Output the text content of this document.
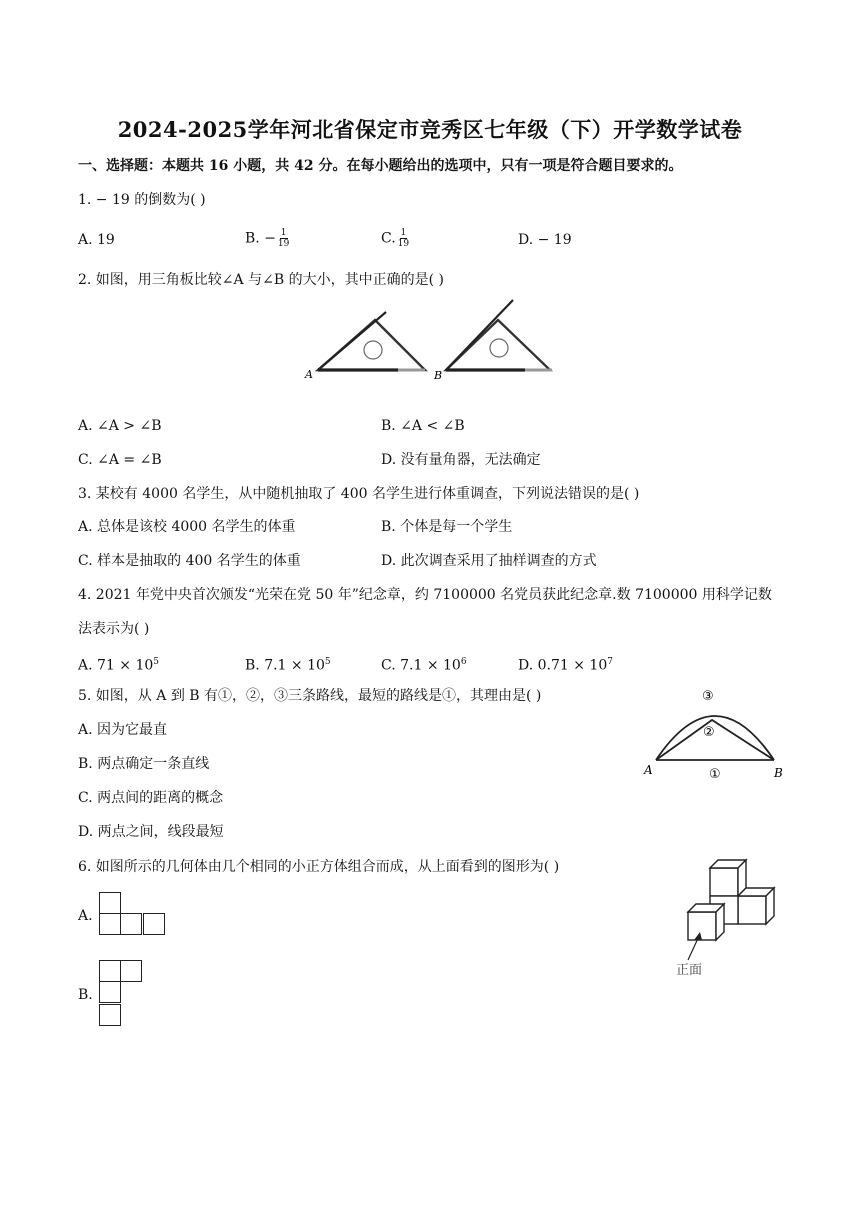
2024-2025学年河北省保定市竞秀区七年级（下）开学数学试卷
一、选择题：本题共 16 小题，共 42 分。在每小题给出的选项中，只有一项是符合题目要求的。
1. − 19 的倒数为( )
A. 19	B. − $\frac{1}{19}$	C. $\frac{1}{19}$	D. − 19
2. 如图，用三角板比较∠A 与∠B 的大小，其中正确的是( )
A	B
A. ∠A > ∠B	B. ∠A < ∠B
C. ∠A = ∠B	D. 没有量角器，无法确定
3. 某校有 4000 名学生，从中随机抽取了 400 名学生进行体重调查，下列说法错误的是( )
A. 总体是该校 4000 名学生的体重	B. 个体是每一个学生
C. 样本是抽取的 400 名学生的体重	D. 此次调查采用了抽样调查的方式
4. 2021 年党中央首次颁发“光荣在党 50 年”纪念章，约 7100000 名党员获此纪念章.数 7100000 用科学记数
法表示为( )
A. $71 \times 10^5$	B. $7.1 \times 10^5$	C. $7.1 \times 10^6$	D. $0.71 \times 10^7$
5. 如图，从 A 到 B 有①，②，③三条路线，最短的路线是①，其理由是( )
A. 因为它最直
B. 两点确定一条直线
C. 两点间的距离的概念
D. 两点之间，线段最短
③
②
①
A	B
6. 如图所示的几何体由几个相同的小正方体组合而成，从上面看到的图形为( )
A.
B.
正面
